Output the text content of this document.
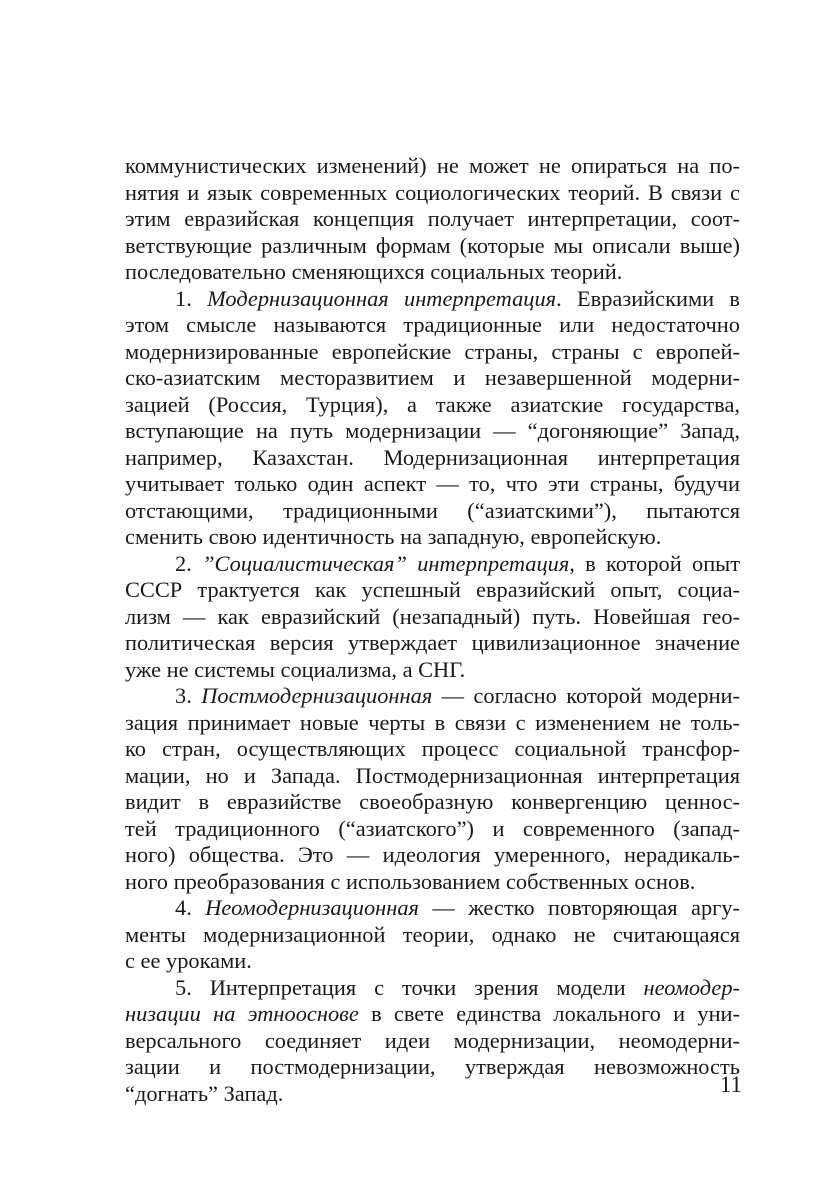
коммунистических изменений) не может не опираться на по-
нятия и язык современных социологических теорий. В связи с
этим евразийская концепция получает интерпретации, соот-
ветствующие различным формам (которые мы описали выше)
последовательно сменяющихся социальных теорий.
1. Модернизационная интерпретация. Евразийскими в
этом смысле называются традиционные или недостаточно
модернизированные европейские страны, страны с европей-
ско-азиатским месторазвитием и незавершенной модерни-
зацией (Россия, Турция), а также азиатские государства,
вступающие на путь модернизации — “догоняющие” Запад,
например, Казахстан. Модернизационная интерпретация
учитывает только один аспект — то, что эти страны, будучи
отстающими, традиционными (“азиатскими”), пытаются
сменить свою идентичность на западную, европейскую.
2. ”Социалистическая” интерпретация, в которой опыт
СССР трактуется как успешный евразийский опыт, социа-
лизм — как евразийский (незападный) путь. Новейшая гео-
политическая версия утверждает цивилизационное значение
уже не системы социализма, а СНГ.
3. Постмодернизационная — согласно которой модерни-
зация принимает новые черты в связи с изменением не толь-
ко стран, осуществляющих процесс социальной трансфор-
мации, но и Запада. Постмодернизационная интерпретация
видит в евразийстве своеобразную конвергенцию ценнос-
тей традиционного (“азиатского”) и современного (запад-
ного) общества. Это — идеология умеренного, нерадикаль-
ного преобразования с использованием собственных основ.
4. Неомодернизационная — жестко повторяющая аргу-
менты модернизационной теории, однако не считающаяся
с ее уроками.
5. Интерпретация с точки зрения модели неомодер-
низации на этнооснове в свете единства локального и уни-
версального соединяет идеи модернизации, неомодерни-
зации и постмодернизации, утверждая невозможность
“догнать” Запад.	11
